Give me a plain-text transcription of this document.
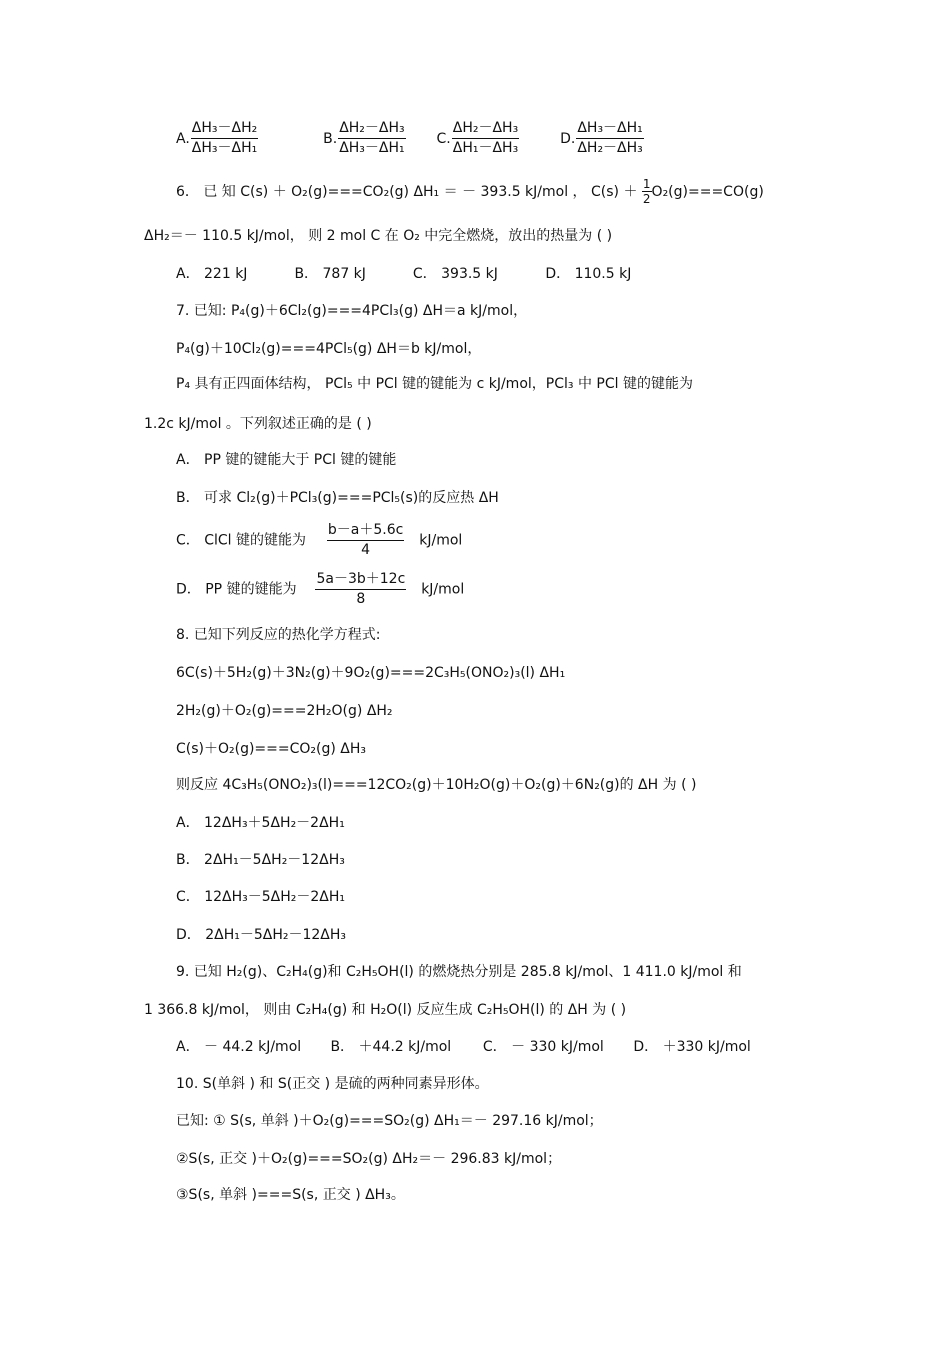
A. $\frac{\text{ΔH₃－ΔH₂}}{\text{ΔH₃－ΔH₁}}$
	B. $\frac{\text{ΔH₂－ΔH₃}}{\text{ΔH₃－ΔH₁}}$
C. $\frac{\text{ΔH₂－ΔH₃}}{\text{ΔH₁－ΔH₃}}$
	D. $\frac{\text{ΔH₃－ΔH₁}}{\text{ΔH₂－ΔH₃}}$
6． 已 知 C(s) ＋ O₂(g)===CO₂(g) ΔH₁ ＝ － 393.5 kJ/mol ， $C(s) + \frac{1}{2} O_2(g)===CO(g)$
ΔH₂＝－ 110.5 kJ/mol， 则 2 mol C 在 O₂ 中完全燃烧，放出的热量为 ( )
A． 221 kJ	B． 787 kJ	C． 393.5 kJ	D． 110.5 kJ
7. 已知: P₄(g)＋6Cl₂(g)===4PCl₃(g) ΔH＝a kJ/mol，
P₄(g)＋10Cl₂(g)===4PCl₅(g) ΔH＝b kJ/mol，
P₄ 具有正四面体结构， PCl₅ 中 PCl 键的键能为 c kJ/mol，PCl₃ 中 PCl 键的键能为
1.2c kJ/mol 。下列叙述正确的是 ( )
A． PP 键的键能大于 PCl 键的键能
B． 可求 Cl₂(g)＋PCl₃(g)===PCl₅(s)的反应热 ΔH
C． ClCl 键的键能为 $\frac{b-a+5.6c}{4} kJ/mol$
D． PP 键的键能为 $\frac{5a-3b+12c}{8} kJ/mol$
8. 已知下列反应的热化学方程式:
6C(s)＋5H₂(g)＋3N₂(g)＋9O₂(g)===2C₃H₅(ONO₂)₃(l) ΔH₁
2H₂(g)＋O₂(g)===2H₂O(g) ΔH₂
C(s)＋O₂(g)===CO₂(g) ΔH₃
则反应 4C₃H₅(ONO₂)₃(l)===12CO₂(g)＋10H₂O(g)＋O₂(g)＋6N₂(g)的 ΔH 为 ( )
A． 12ΔH₃＋5ΔH₂－2ΔH₁
B． 2ΔH₁－5ΔH₂－12ΔH₃
C． 12ΔH₃－5ΔH₂－2ΔH₁
D． 2ΔH₁－5ΔH₂－12ΔH₃
9. 已知 H₂(g)、C₂H₄(g)和 C₂H₅OH(l) 的燃烧热分别是 285.8 kJ/mol、1 411.0 kJ/mol 和
1 366.8 kJ/mol， 则由 C₂H₄(g) 和 H₂O(l) 反应生成 C₂H₅OH(l) 的 ΔH 为 ( )
A． － 44.2 kJ/mol B． ＋44.2 kJ/mol C． － 330 kJ/mol D． ＋330 kJ/mol
10. S(单斜 ) 和 S(正交 ) 是硫的两种同素异形体。
已知: ① S(s, 单斜 )＋O₂(g)===SO₂(g) ΔH₁＝－ 297.16 kJ/mol；
②S(s, 正交 )＋O₂(g)===SO₂(g) ΔH₂＝－ 296.83 kJ/mol；
③S(s, 单斜 )===S(s, 正交 ) ΔH₃。
